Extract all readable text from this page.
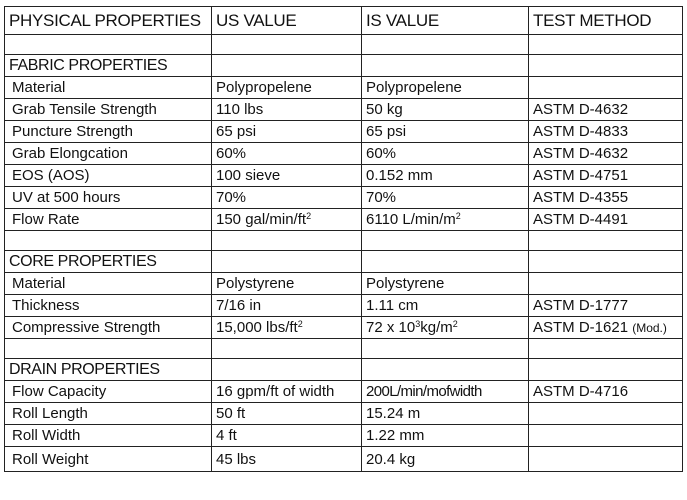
PHYSICAL PROPERTIES	US VALUE	IS VALUE	TEST METHOD

FABRIC PROPERTIES			
Material	Polypropelene	Polypropelene	
Grab Tensile Strength	110 lbs	50 kg	ASTM D-4632
Puncture Strength	65 psi	65 psi	ASTM D-4833
Grab Elongcation	60%	60%	ASTM D-4632
EOS (AOS)	100 sieve	0.152 mm	ASTM D-4751
UV at 500 hours	70%	70%	ASTM D-4355
Flow Rate	150 gal/$\min/ft^2$	6110 $L/\min/m^2$	ASTM D-4491

CORE PROPERTIES			
Material	Polystyrene	Polystyrene	
Thickness	7/16 in	1.11 cm	ASTM D-1777
Compressive Strength	15,000 lbs/$ft^2$	72 x $10^3kg/m^2$	ASTM D-1621 (Mod.)

DRAIN PROPERTIES			
Flow Capacity	16 gpm/ft of width	200L/min/mofwidth	ASTM D-4716
Roll Length	50 ft	15.24 m	
Roll Width	4 ft	1.22 mm	
Roll Weight	45 lbs	20.4 kg	
